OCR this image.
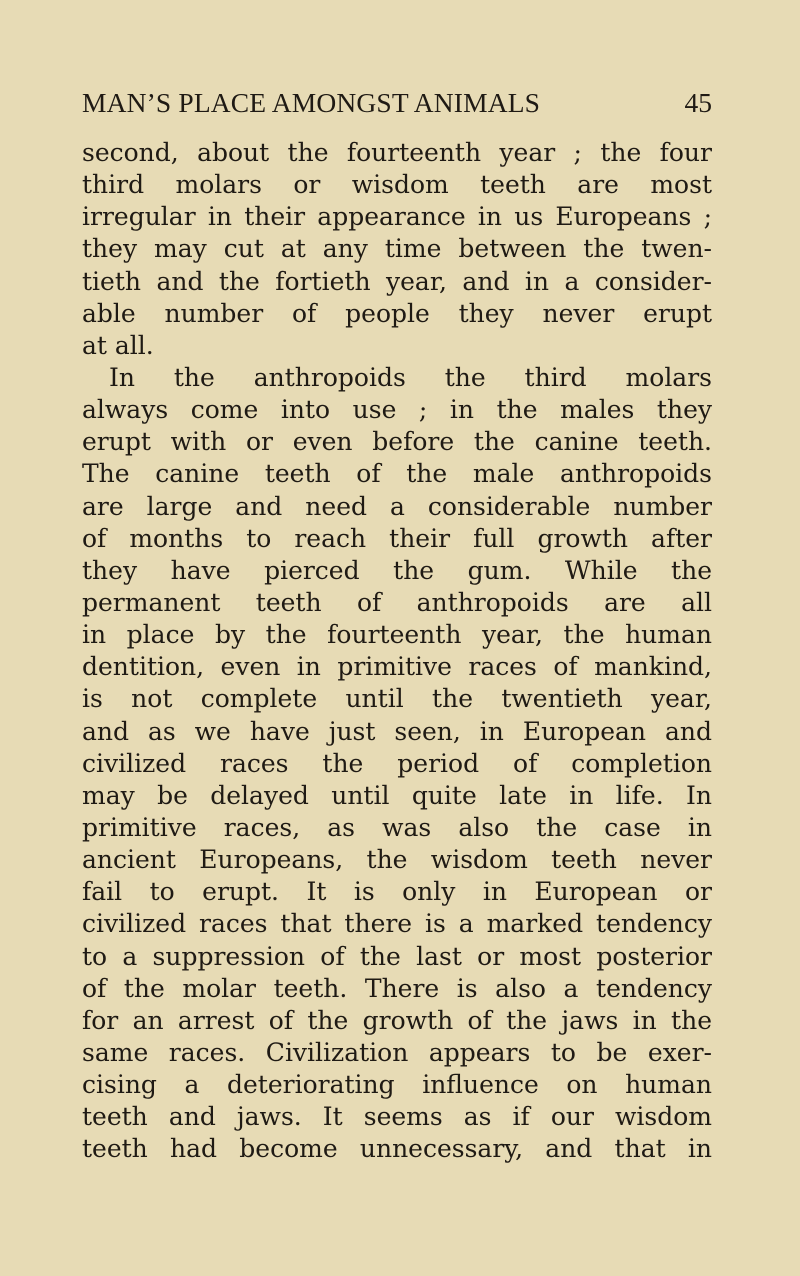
MAN’S PLACE AMONGST ANIMALS	45
second, about the fourteenth year ; the four
third molars or wisdom teeth are most
irregular in their appearance in us Europeans ;
they may cut at any time between the twen-
tieth and the fortieth year, and in a consider-
able number of people they never erupt
at all.
In the anthropoids the third molars
always come into use ; in the males they
erupt with or even before the canine teeth.
The canine teeth of the male anthropoids
are large and need a considerable number
of months to reach their full growth after
they have pierced the gum. While the
permanent teeth of anthropoids are all
in place by the fourteenth year, the human
dentition, even in primitive races of mankind,
is not complete until the twentieth year,
and as we have just seen, in European and
civilized races the period of completion
may be delayed until quite late in life. In
primitive races, as was also the case in
ancient Europeans, the wisdom teeth never
fail to erupt. It is only in European or
civilized races that there is a marked tendency
to a suppression of the last or most posterior
of the molar teeth. There is also a tendency
for an arrest of the growth of the jaws in the
same races. Civilization appears to be exer-
cising a deteriorating influence on human
teeth and jaws. It seems as if our wisdom
teeth had become unnecessary, and that in
